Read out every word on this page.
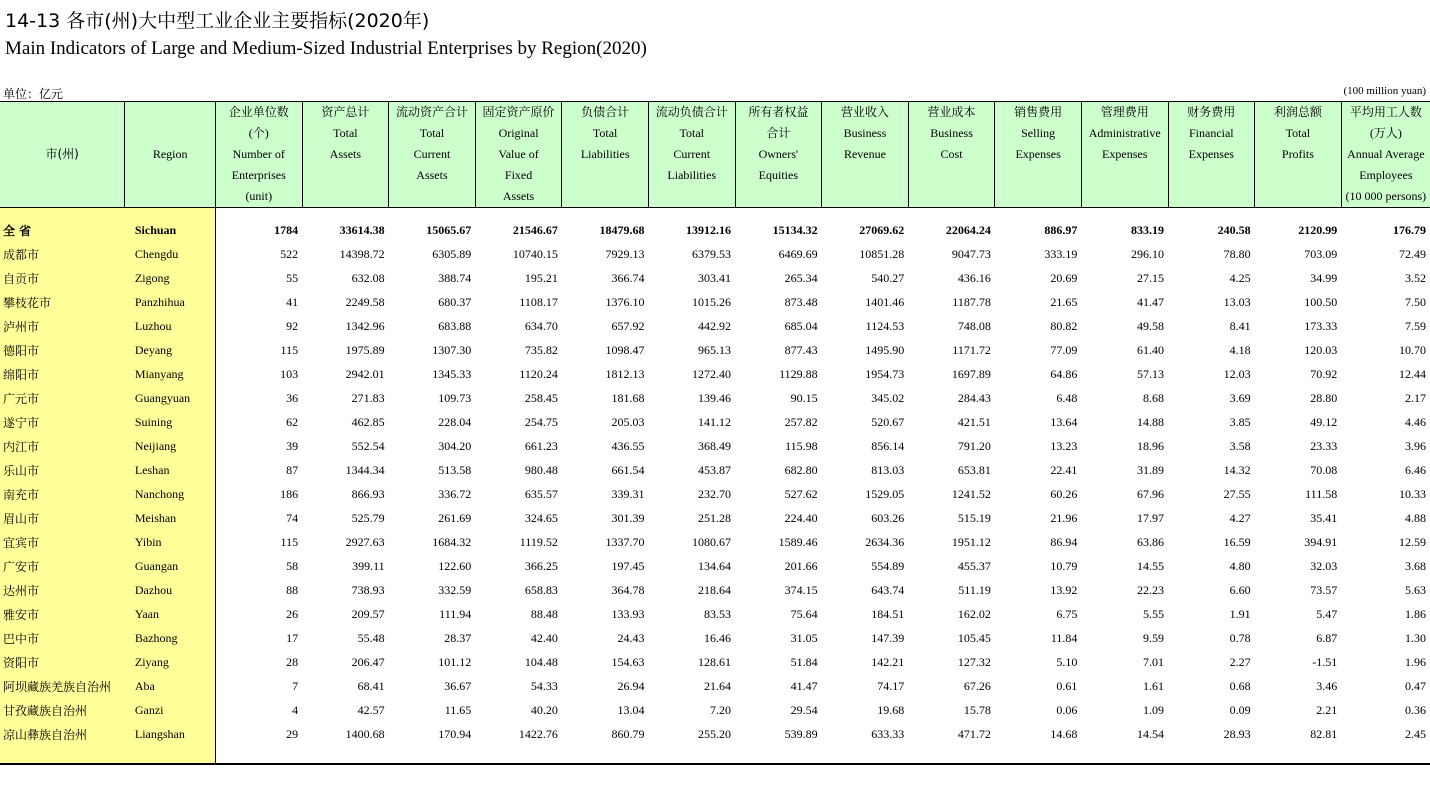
14-13 各市(州)大中型工业企业主要指标(2020年)
Main Indicators of Large and Medium-Sized Industrial Enterprises by Region(2020)
单位：亿元	(100 million yuan)
市(州)	Region	企业单位数
(个)
Number of
Enterprises
(unit)	资产总计
Total
Assets	流动资产合计
Total
Current
Assets	固定资产原价
Original
Value of
Fixed
Assets	负债合计
Total
Liabilities	流动负债合计
Total
Current
Liabilities	所有者权益
合计
Owners'
Equities	营业收入
Business
Revenue	营业成本
Business
Cost	销售费用
Selling
Expenses	管理费用
Administrative
Expenses	财务费用
Financial
Expenses	利润总额
Total
Profits	平均用工人数
(万人)
Annual Average
Employees
(10 000 persons)

全 省	Sichuan	1784	33614.38	15065.67	21546.67	18479.68	13912.16	15134.32	27069.62	22064.24	886.97	833.19	240.58	2120.99	176.79
成都市	Chengdu	522	14398.72	6305.89	10740.15	7929.13	6379.53	6469.69	10851.28	9047.73	333.19	296.10	78.80	703.09	72.49
自贡市	Zigong	55	632.08	388.74	195.21	366.74	303.41	265.34	540.27	436.16	20.69	27.15	4.25	34.99	3.52
攀枝花市	Panzhihua	41	2249.58	680.37	1108.17	1376.10	1015.26	873.48	1401.46	1187.78	21.65	41.47	13.03	100.50	7.50
泸州市	Luzhou	92	1342.96	683.88	634.70	657.92	442.92	685.04	1124.53	748.08	80.82	49.58	8.41	173.33	7.59
德阳市	Deyang	115	1975.89	1307.30	735.82	1098.47	965.13	877.43	1495.90	1171.72	77.09	61.40	4.18	120.03	10.70
绵阳市	Mianyang	103	2942.01	1345.33	1120.24	1812.13	1272.40	1129.88	1954.73	1697.89	64.86	57.13	12.03	70.92	12.44
广元市	Guangyuan	36	271.83	109.73	258.45	181.68	139.46	90.15	345.02	284.43	6.48	8.68	3.69	28.80	2.17
遂宁市	Suining	62	462.85	228.04	254.75	205.03	141.12	257.82	520.67	421.51	13.64	14.88	3.85	49.12	4.46
内江市	Neijiang	39	552.54	304.20	661.23	436.55	368.49	115.98	856.14	791.20	13.23	18.96	3.58	23.33	3.96
乐山市	Leshan	87	1344.34	513.58	980.48	661.54	453.87	682.80	813.03	653.81	22.41	31.89	14.32	70.08	6.46
南充市	Nanchong	186	866.93	336.72	635.57	339.31	232.70	527.62	1529.05	1241.52	60.26	67.96	27.55	111.58	10.33
眉山市	Meishan	74	525.79	261.69	324.65	301.39	251.28	224.40	603.26	515.19	21.96	17.97	4.27	35.41	4.88
宜宾市	Yibin	115	2927.63	1684.32	1119.52	1337.70	1080.67	1589.46	2634.36	1951.12	86.94	63.86	16.59	394.91	12.59
广安市	Guangan	58	399.11	122.60	366.25	197.45	134.64	201.66	554.89	455.37	10.79	14.55	4.80	32.03	3.68
达州市	Dazhou	88	738.93	332.59	658.83	364.78	218.64	374.15	643.74	511.19	13.92	22.23	6.60	73.57	5.63
雅安市	Yaan	26	209.57	111.94	88.48	133.93	83.53	75.64	184.51	162.02	6.75	5.55	1.91	5.47	1.86
巴中市	Bazhong	17	55.48	28.37	42.40	24.43	16.46	31.05	147.39	105.45	11.84	9.59	0.78	6.87	1.30
资阳市	Ziyang	28	206.47	101.12	104.48	154.63	128.61	51.84	142.21	127.32	5.10	7.01	2.27	-1.51	1.96
阿坝藏族羌族自治州	Aba	7	68.41	36.67	54.33	26.94	21.64	41.47	74.17	67.26	0.61	1.61	0.68	3.46	0.47
甘孜藏族自治州	Ganzi	4	42.57	11.65	40.20	13.04	7.20	29.54	19.68	15.78	0.06	1.09	0.09	2.21	0.36
凉山彝族自治州	Liangshan	29	1400.68	170.94	1422.76	860.79	255.20	539.89	633.33	471.72	14.68	14.54	28.93	82.81	2.45
